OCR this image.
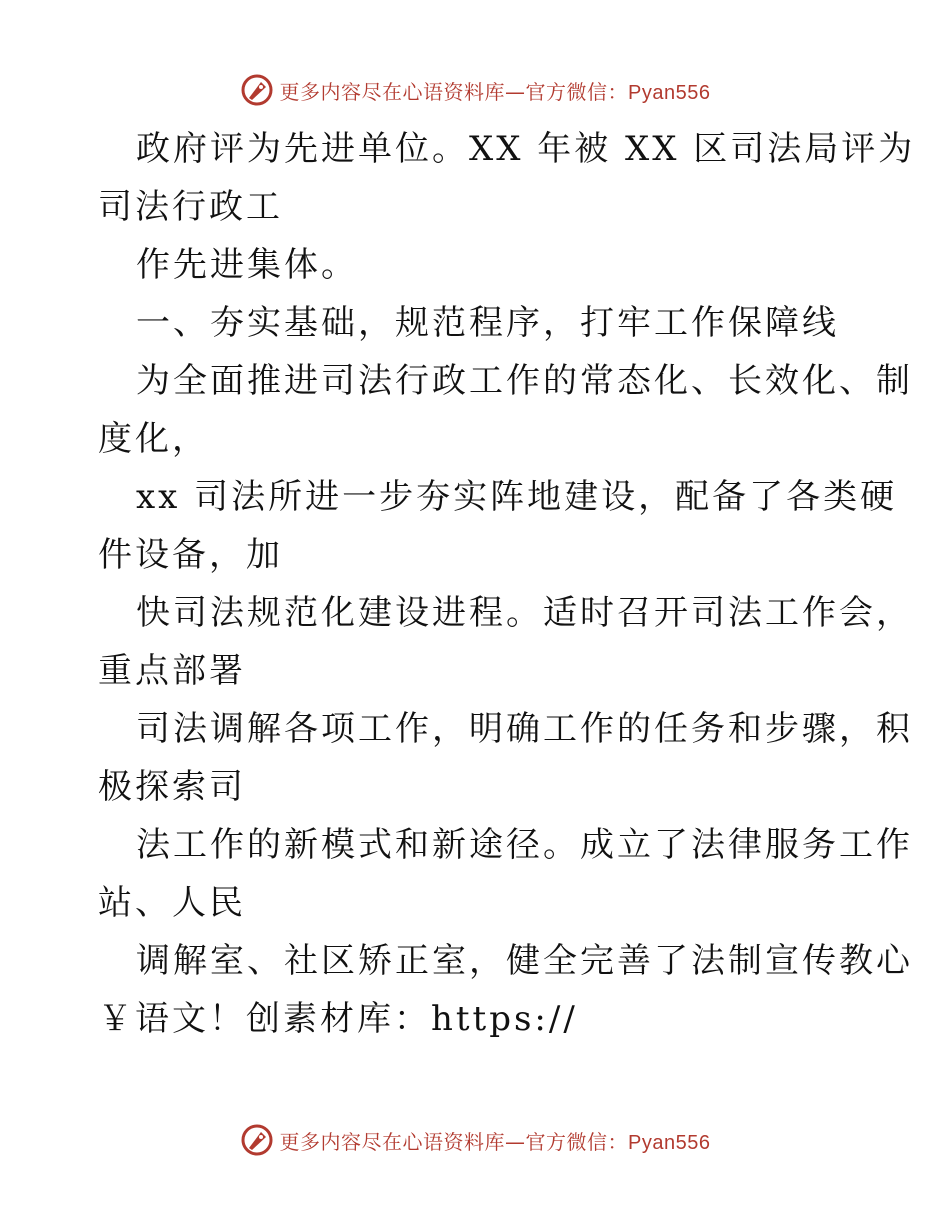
更多内容尽在心语资料库—官方微信：Pyan556
政府评为先进单位。XX 年被 XX 区司法局评为
司法行政工
作先进集体。
一、夯实基础，规范程序，打牢工作保障线
为全面推进司法行政工作的常态化、长效化、制
度化，
xx 司法所进一步夯实阵地建设，配备了各类硬
件设备，加
快司法规范化建设进程。适时召开司法工作会，
重点部署
司法调解各项工作，明确工作的任务和步骤，积
极探索司
法工作的新模式和新途径。成立了法律服务工作
站、人民
调解室、社区矫正室，健全完善了法制宣传教心
￥语文！创素材库：https://
更多内容尽在心语资料库—官方微信：Pyan556
